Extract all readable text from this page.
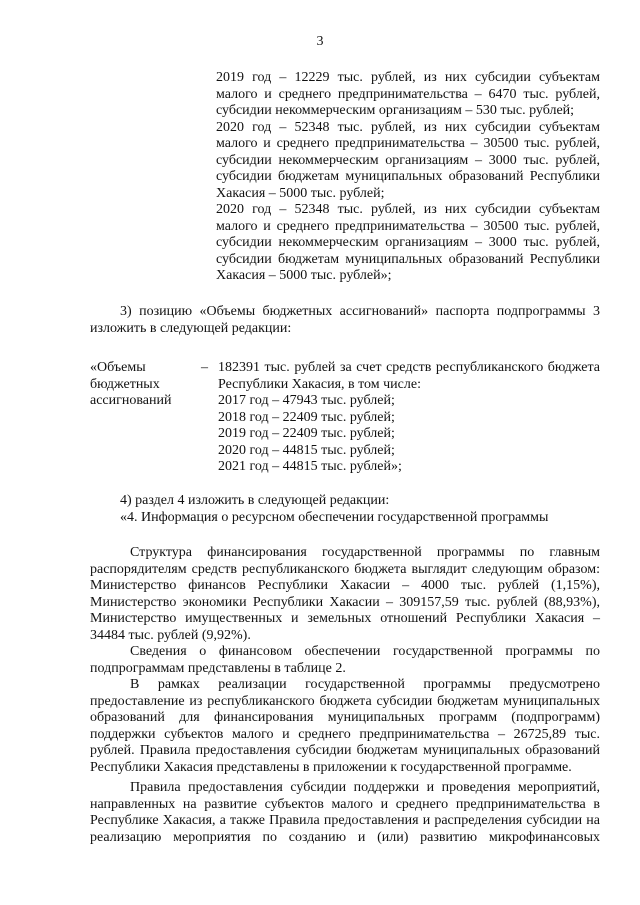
3

2019 год – 12229 тыс. рублей, из них субсидии субъектам малого и среднего предпринимательства – 6470 тыс. рублей, субсидии некоммерческим организациям – 530 тыс. рублей;

2020 год – 52348 тыс. рублей, из них субсидии субъектам малого и среднего предпринимательства – 30500 тыс. рублей, субсидии некоммерческим организациям – 3000 тыс. рублей, субсидии бюджетам муниципальных образований Республики Хакасия – 5000 тыс. рублей;

2020 год – 52348 тыс. рублей, из них субсидии субъектам малого и среднего предпринимательства – 30500 тыс. рублей, субсидии некоммерческим организациям – 3000 тыс. рублей, субсидии бюджетам муниципальных образований Республики Хакасия – 5000 тыс. рублей»;

3) позицию «Объемы бюджетных ассигнований» паспорта подпрограммы 3 изложить в следующей редакции:

«Объемы
бюджетных
ассигнований
– 182391 тыс. рублей за счет средств республиканского бюджета Республики Хакасия, в том числе:

2017 год – 47943 тыс. рублей;

2018 год – 22409 тыс. рублей;

2019 год – 22409 тыс. рублей;

2020 год – 44815 тыс. рублей;

2021 год – 44815 тыс. рублей»;

4) раздел 4 изложить в следующей редакции:

«4. Информация о ресурсном обеспечении государственной программы

Структура финансирования государственной программы по главным распорядителям средств республиканского бюджета выглядит следующим образом: Министерство финансов Республики Хакасии – 4000 тыс. рублей (1,15%), Министерство экономики Республики Хакасии – 309157,59 тыс. рублей (88,93%), Министерство имущественных и земельных отношений Республики Хакасия – 34484 тыс. рублей (9,92%).

Сведения о финансовом обеспечении государственной программы по подпрограммам представлены в таблице 2.

В рамках реализации государственной программы предусмотрено предоставление из республиканского бюджета субсидии бюджетам муниципальных образований для финансирования муниципальных программ (подпрограмм) поддержки субъектов малого и среднего предпринимательства – 26725,89 тыс. рублей. Правила предоставления субсидии бюджетам муниципальных образований Республики Хакасия представлены в приложении к государственной программе.

Правила предоставления субсидии поддержки и проведения мероприятий, направленных на развитие субъектов малого и среднего предпринимательства в Республике Хакасия, а также Правила предоставления и распределения субсидии на реализацию мероприятия по созданию и (или) развитию микрофинансовых
